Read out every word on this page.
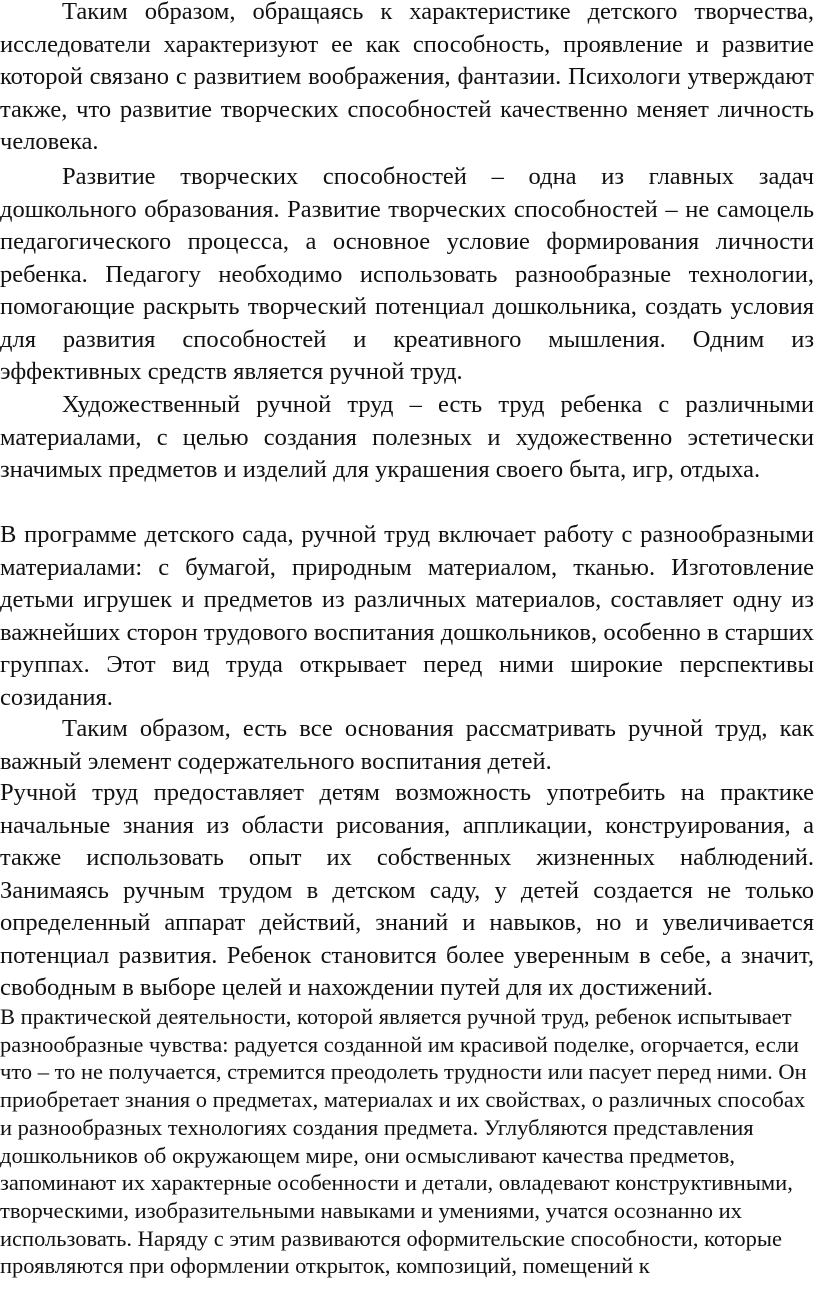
Таким образом, обращаясь к характеристике детского творчества, исследователи характеризуют ее как способность, проявление и развитие которой связано с развитием воображения, фантазии. Психологи утверждают также, что развитие творческих способностей качественно меняет личность человека.

Развитие творческих способностей – одна из главных задач дошкольного образования. Развитие творческих способностей – не самоцель педагогического процесса, а основное условие формирования личности ребенка. Педагогу необходимо использовать разнообразные технологии, помогающие раскрыть творческий потенциал дошкольника, создать условия для развития способностей и креативного мышления. Одним из эффективных средств является ручной труд.

Художественный ручной труд – есть труд ребенка с различными материалами, с целью создания полезных и художественно эстетически значимых предметов и изделий для украшения своего быта, игр, отдыха.

В программе детского сада, ручной труд включает работу с разнообразными материалами: с бумагой, природным материалом, тканью. Изготовление детьми игрушек и предметов из различных материалов, составляет одну из важнейших сторон трудового воспитания дошкольников, особенно в старших группах. Этот вид труда открывает перед ними широкие перспективы созидания.

Таким образом, есть все основания рассматривать ручной труд, как важный элемент содержательного воспитания детей.

Ручной труд предоставляет детям возможность употребить на практике начальные знания из области рисования, аппликации, конструирования, а также использовать опыт их собственных жизненных наблюдений. Занимаясь ручным трудом в детском саду, у детей создается не только определенный аппарат действий, знаний и навыков, но и увеличивается потенциал развития. Ребенок становится более уверенным в себе, а значит, свободным в выборе целей и нахождении путей для их достижений.

В практической деятельности, которой является ручной труд, ребенок испытывает разнообразные чувства: радуется созданной им красивой поделке, огорчается, если что – то не получается, стремится преодолеть трудности или пасует перед ними. Он приобретает знания о предметах, материалах и их свойствах, о различных способах и разнообразных технологиях создания предмета. Углубляются представления дошкольников об окружающем мире, они осмысливают качества предметов, запоминают их характерные особенности и детали, овладевают конструктивными, творческими, изобразительными навыками и умениями, учатся осознанно их использовать. Наряду с этим развиваются оформительские способности, которые проявляются при оформлении открыток, композиций, помещений к
